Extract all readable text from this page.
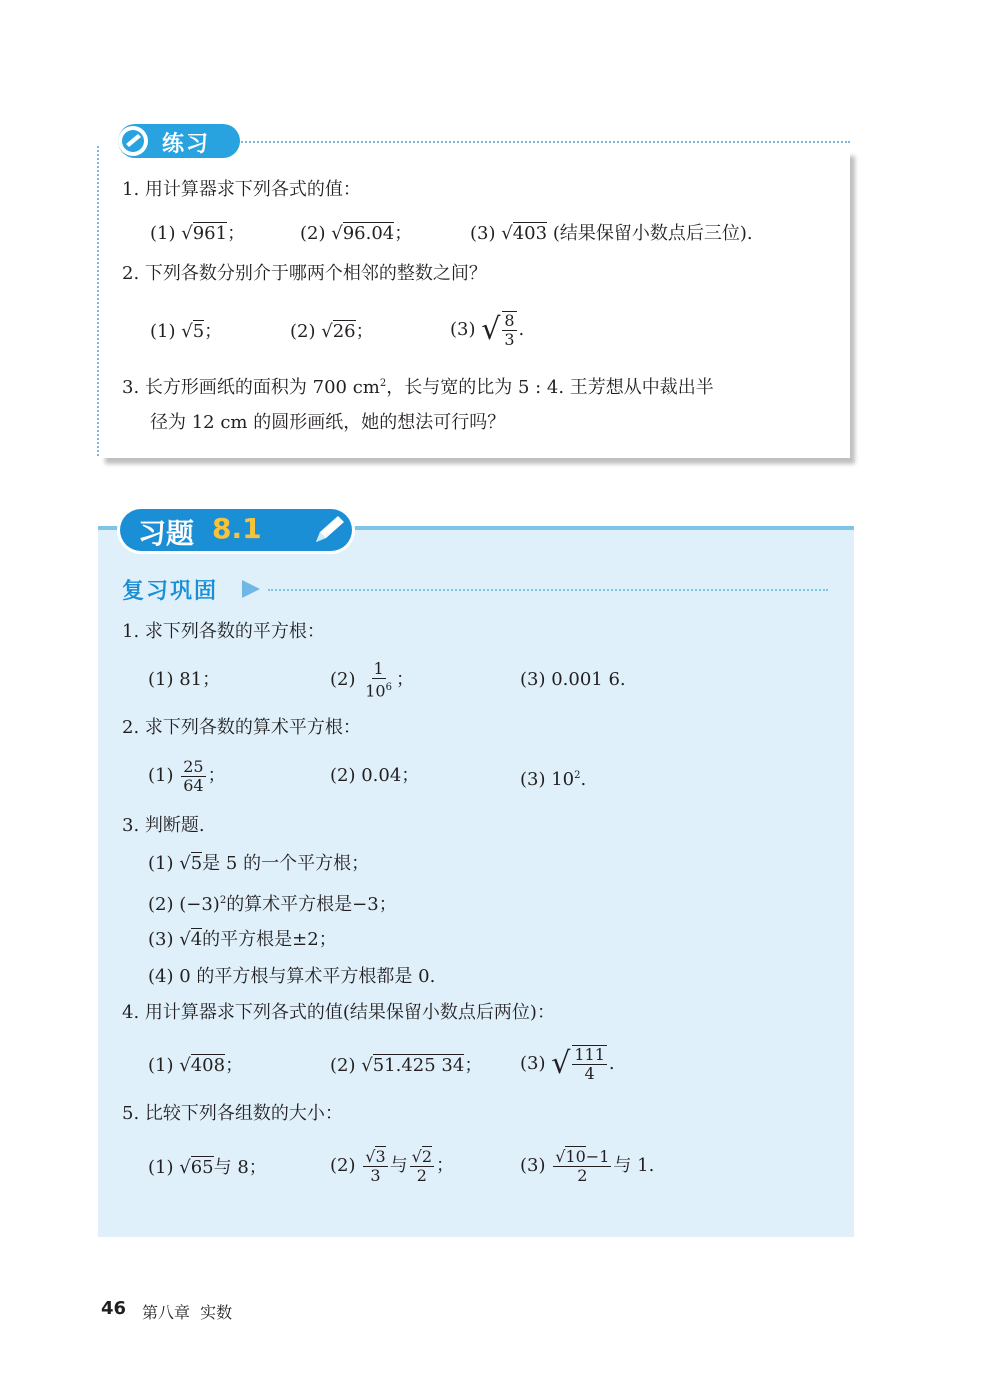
练习
1. 用计算器求下列各式的值：
(1) √961；	(2) √96.04；	(3) √403 (结果保留小数点后三位).
2. 下列各数分别介于哪两个相邻的整数之间？
(1) √5；	(2) √26；	(3) √ $\frac{8}{3}$ .
3. 长方形画纸的面积为 700 $cm^2$，长与宽的比为 5 : 4. 王芳想从中裁出半
径为 12 cm 的圆形画纸，她的想法可行吗？
习题 8.1
复习巩固
1. 求下列各数的平方根：
(1) 81；	$(2) \frac{1}{10^6}$ ；	(3) 0.001 6.
2. 求下列各数的算术平方根：
$(1) \frac{25}{64}$ ；	(2) 0.04；	(3) $10^2$.
3. 判断题.
(1) √5是 5 的一个平方根；
(2) $(-3)^2$的算术平方根是−3；
(3) √4的平方根是±2；
(4) 0 的平方根与算术平方根都是 0.
4. 用计算器求下列各式的值(结果保留小数点后两位)：
(1) √408；	(2) √51.425 34； (3) √ $\frac{111}{4}$ .
5. 比较下列各组数的大小：
(1) √65与 8；	$(2) \frac{√3}{3}$ 与 $\frac{√2}{2}$ ；	$(3) \frac{√10-1}{2}$ 与 1.
46 第八章  实数
